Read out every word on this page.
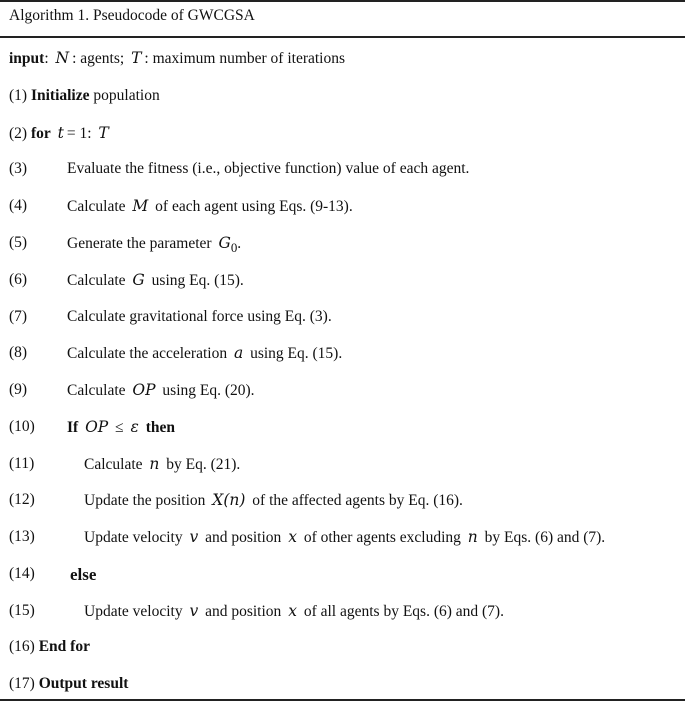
Algorithm 1. Pseudocode of GWCGSA
input: N : agents; T : maximum number of iterations
(1) Initialize population
(2) for t = 1: T
(3)	Evaluate the fitness (i.e., objective function) value of each agent.
(4)	Calculate M of each agent using Eqs. (9-13).
(5)	Generate the parameter $G_0$.
(6)	Calculate G using Eq. (15).
(7)	Calculate gravitational force using Eq. (3).
(8)	Calculate the acceleration a using Eq. (15).
(9)	Calculate OP using Eq. (20).
(10) If OP ≤ ε then
(11)	Calculate n by Eq. (21).
(12)	Update the position X(n) of the affected agents by Eq. (16).
(13)	Update velocity v and position x of other agents excluding n by Eqs. (6) and (7).
(14) else
(15)	Update velocity v and position x of all agents by Eqs. (6) and (7).
(16) End for
(17) Output result
